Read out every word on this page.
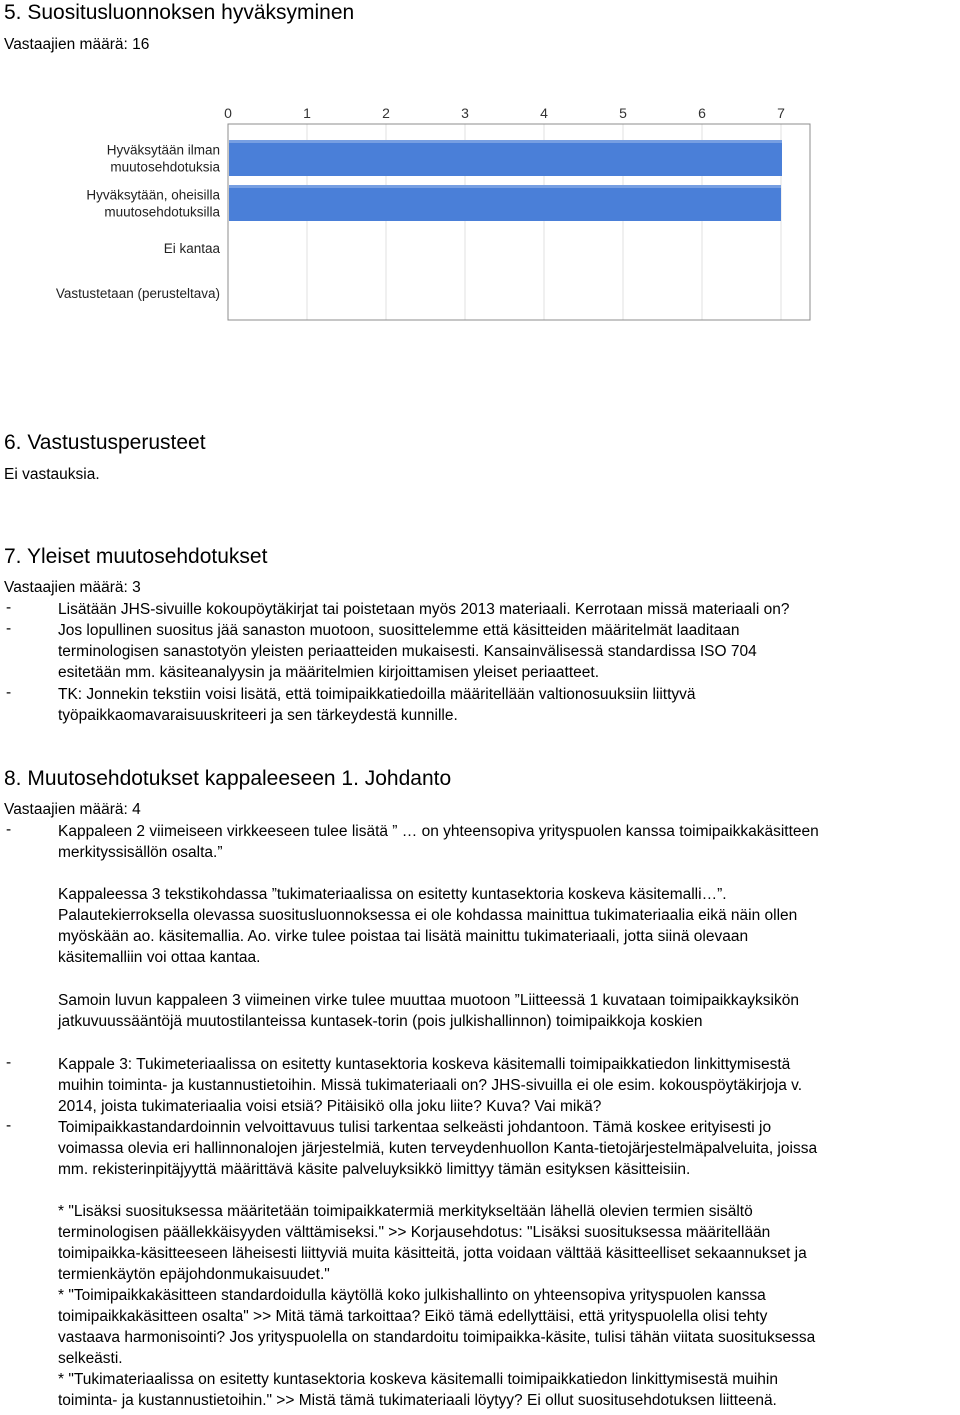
5. Suositusluonnoksen hyväksyminen
Vastaajien määrä: 16
0	1	2	3	4	5	6	7
Hyväksytään ilman
muutosehdotuksia
Hyväksytään, oheisilla
muutosehdotuksilla
Ei kantaa
Vastustetaan (perusteltava)
6. Vastustusperusteet
Ei vastauksia.
7. Yleiset muutosehdotukset
Vastaajien määrä: 3
-	Lisätään JHS-sivuille kokoupöytäkirjat tai poistetaan myös 2013 materiaali. Kerrotaan missä materiaali on?
-	Jos lopullinen suositus jää sanaston muotoon, suosittelemme että käsitteiden määritelmät laaditaan
terminologisen sanastotyön yleisten periaatteiden mukaisesti. Kansainvälisessä standardissa ISO 704
esitetään mm. käsiteanalyysin ja määritelmien kirjoittamisen yleiset periaatteet.
-	TK: Jonnekin tekstiin voisi lisätä, että toimipaikkatiedoilla määritellään valtionosuuksiin liittyvä
työpaikkaomavaraisuuskriteeri ja sen tärkeydestä kunnille.
8. Muutosehdotukset kappaleeseen 1. Johdanto
Vastaajien määrä: 4
-	Kappaleen 2 viimeiseen virkkeeseen tulee lisätä ” … on yhteensopiva yrityspuolen kanssa toimipaikkakäsitteen
merkityssisällön osalta.”
Kappaleessa 3 tekstikohdassa ”tukimateriaalissa on esitetty kuntasektoria koskeva käsitemalli…”.
Palautekierroksella olevassa suositusluonnoksessa ei ole kohdassa mainittua tukimateriaalia eikä näin ollen
myöskään ao. käsitemallia. Ao. virke tulee poistaa tai lisätä mainittu tukimateriaali, jotta siinä olevaan
käsitemalliin voi ottaa kantaa.
Samoin luvun kappaleen 3 viimeinen virke tulee muuttaa muotoon ”Liitteessä 1 kuvataan toimipaikkayksikön
jatkuvuussääntöjä muutostilanteissa kuntasek-torin (pois julkishallinnon) toimipaikkoja koskien
-	Kappale 3: Tukimeteriaalissa on esitetty kuntasektoria koskeva käsitemalli toimipaikkatiedon linkittymisestä
muihin toiminta- ja kustannustietoihin. Missä tukimateriaali on? JHS-sivuilla ei ole esim. kokouspöytäkirjoja v.
2014, joista tukimateriaalia voisi etsiä? Pitäisikö olla joku liite? Kuva? Vai mikä?
-	Toimipaikkastandardoinnin velvoittavuus tulisi tarkentaa selkeästi johdantoon. Tämä koskee erityisesti jo
voimassa olevia eri hallinnonalojen järjestelmiä, kuten terveydenhuollon Kanta-tietojärjestelmäpalveluita, joissa
mm. rekisterinpitäjyyttä määrittävä käsite palveluyksikkö limittyy tämän esityksen käsitteisiin.
* "Lisäksi suosituksessa määritetään toimipaikkatermiä merkitykseltään lähellä olevien termien sisältö
terminologisen päällekkäisyyden välttämiseksi." >> Korjausehdotus: "Lisäksi suosituksessa määritellään
toimipaikka-käsitteeseen läheisesti liittyviä muita käsitteitä, jotta voidaan välttää käsitteelliset sekaannukset ja
termienkäytön epäjohdonmukaisuudet."
* "Toimipaikkakäsitteen standardoidulla käytöllä koko julkishallinto on yhteensopiva yrityspuolen kanssa
toimipaikkakäsitteen osalta" >> Mitä tämä tarkoittaa? Eikö tämä edellyttäisi, että yrityspuolella olisi tehty
vastaava harmonisointi? Jos yrityspuolella on standardoitu toimipaikka-käsite, tulisi tähän viitata suosituksessa
selkeästi.
* "Tukimateriaalissa on esitetty kuntasektoria koskeva käsitemalli toimipaikkatiedon linkittymisestä muihin
toiminta- ja kustannustietoihin." >> Mistä tämä tukimateriaali löytyy? Ei ollut suositusehdotuksen liitteenä.
